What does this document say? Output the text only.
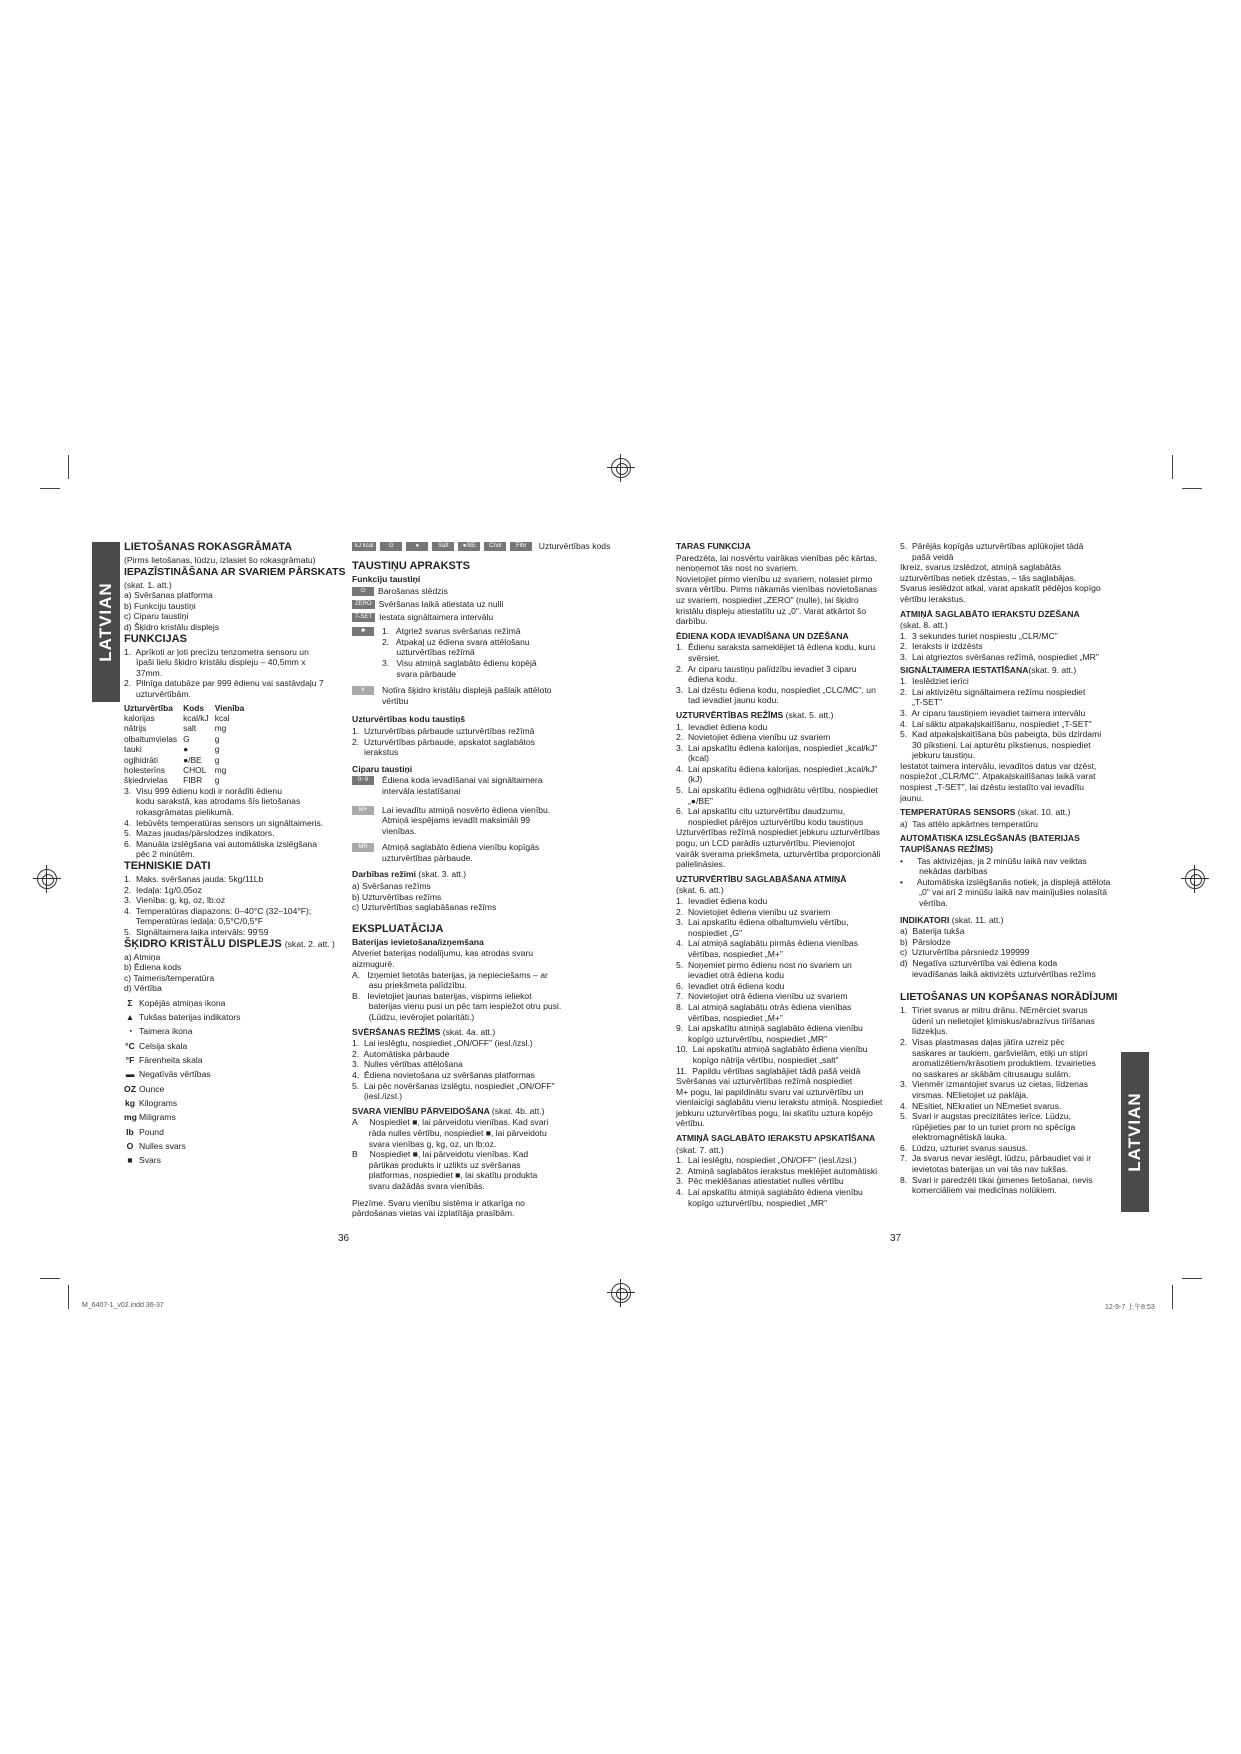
LATVIAN
LATVIAN
LIETOŠANAS ROKASGRĀMATA

(Pirms lietošanas, lūdzu, izlasiet šo rokasgrāmatu)

IEPAZĪSTINĀŠANA AR SVARIEM PĀRSKATS

(skat. 1. att.)

a) Svēršanas platforma

b) Funkciju taustiņi

c) Ciparu taustiņi

d) Šķidro kristālu displejs

FUNKCIJAS

1.  Aprīkoti ar ļoti precīzu tenzometra sensoru un

īpaši lielu šķidro kristālu displeju – 40,5mm x

37mm.

2.  Pilnīga datubāze par 999 ēdienu vai sastāvdaļu 7

uzturvērtībām.

Uzturvērtība	Kods	Vienība
kalorijas	kcal/kJ	kcal
nātrijs	salt	mg
olbaltumvielas	G	g
tauki	●	g
ogļhidrāti	●/BE	g
holesterīns	CHOL	mg
šķiedrvielas	FIBR	g

3.  Visu 999 ēdienu kodi ir norādīti ēdienu

kodu sarakstā, kas atrodams šīs lietošanas

rokasgrāmatas pielikumā.

4.  Iebūvēts temperatūras sensors un signāltaimeris.

5.  Mazas jaudas/pārslodzes indikators.

6.  Manuāla izslēgšana vai automātiska izslēgšana

pēc 2 minūtēm.

TEHNISKIE DATI

1.  Maks. svēršanas jauda: 5kg/11Lb

2.  Iedaļa: 1g/0,05oz

3.  Vienība: g, kg, oz, lb:oz

4.  Temperatūras diapazons: 0–40°C (32–104°F);

Temperatūras iedaļa: 0,5°C/0,5°F

5.  Signāltaimera laika intervāls: 99'59

ŠĶIDRO KRISTĀLU DISPLEJS (skat. 2. att. )

a) Atmiņa

b) Ēdiena kods

c) Taimeris/temperatūra

d) Vērtība

Σ Kopējās atmiņas ikona

▲ Tukšas baterijas indikators

◔ Taimera ikona

°C Celsija skala

°F Fārenheita skala

▬ Negatīvās vērtības

OZ Ounce

kg Kilograms

mg Miligrams

lb Pound

O Nulles svars

■ Svars

kJ kcal	G	●	Salt ●/BE Chol Fibr Uzturvērtības kods

TAUSTIŅU APRAKSTS
Funkciju taustiņi

⏻ Barošanas slēdzis

ZERO Svēršanas laikā atiestata uz nulli

T-SET Iestata signāltaimera intervālu

■	1.   Atgriež svarus svēršanas režīmā

2.   Atpakaļ uz ēdiena svara attēlošanu

uzturvērtības režīmā

3.   Visu atmiņā saglabāto ēdienu kopējā

svara pārbaude

±	Notīra šķidro kristālu displejā pašlaik attēloto

vērtību

Uzturvērtības kodu taustiņš

1.  Uzturvērtības pārbaude uzturvērtības režīmā

2.  Uzturvērtības pārbaude, apskatot saglabātos

ierakstus

Ciparu taustiņi
0~9	Ēdiena koda ievadīšanai vai signāltaimera

intervāla iestatīšanai

M+	Lai ievadītu atmiņā nosvērto ēdiena vienību.

Atmiņā iespējams ievadīt maksimāli 99

vienības.

MR	Atmiņā saglabāto ēdiena vienību kopīgās

uzturvērtības pārbaude.

Darbības režīmi (skat. 3. att.)

a) Svēršanas režīms

b) Uzturvērtības režīms

c) Uzturvērtības saglabāšanas režīms

EKSPLUATĀCIJA
Baterijas ievietošana/izņemšana

Atveriet baterijas nodalījumu, kas atrodas svaru

aizmugurē.

A.   Izņemiet lietotās baterijas, ja nepieciešams – ar

asu priekšmeta palīdzību.

B.   Ievietojiet jaunas baterijas, vispirms ieliekot

baterijas vienu pusi un pēc tam iespiežot otru pusi.

(Lūdzu, ievērojiet polaritāti.)

SVĒRŠANAS REŽĪMS (skat. 4a. att.)

1.  Lai ieslēgtu, nospiediet „ON/OFF" (iesl./izsl.)

2.  Automātiska pārbaude

3.  Nulles vērtības attēlošana

4.  Ēdiena novietošana uz svēršanas platformas

5.  Lai pēc novēršanas izslēgtu, nospiediet „ON/OFF"

(iesl./izsl.)

SVARA VIENĪBU PĀRVEIDOŠANA (skat. 4b. att.)

A     Nospiediet ■, lai pārveidotu vienības. Kad svari

rāda nulles vērtību, nospiediet ■, lai pārveidotu

svara vienības g, kg, oz, un lb:oz.

B     Nospiediet ■, lai pārveidotu vienības. Kad

pārtikas produkts ir uzlikts uz svēršanas

platformas, nospiediet ■, lai skatītu produkta

svaru dažādās svara vienībās.

Piezīme. Svaru vienību sistēma ir atkarīga no

pārdošanas vietas vai izplatītāja prasībām.

36	37
TARAS FUNKCIJA

Paredzēta, lai nosvērtu vairākas vienības pēc kārtas,

nenoņemot tās nost no svariem.

Novietojiet pirmo vienību uz svariem, nolasiet pirmo

svara vērtību. Pirms nākamās vienības novietošanas

uz svariem, nospiediet „ZERO" (nulle), lai šķidro

kristālu displeju atiestatītu uz „0". Varat atkārtot šo

darbību.

ĒDIENA KODA IEVADĪŠANA UN DZĒŠANA

1.  Ēdienu saraksta sameklējiet tā ēdiena kodu, kuru

svērsiet.

2.  Ar ciparu taustiņu palīdzību ievadiet 3 ciparu

ēdiena kodu.

3.  Lai dzēstu ēdiena kodu, nospiediet „CLC/MC", un

tad ievadiet jaunu kodu.

UZTURVĒRTĪBAS REŽĪMS (skat. 5. att.)

1.  Ievadiet ēdiena kodu

2.  Novietojiet ēdiena vienību uz svariem

3.  Lai apskatītu ēdiena kalorijas, nospiediet „kcal/kJ"

(kcal)

4.  Lai apskatītu ēdiena kalorijas, nospiediet „kcal/kJ"

(kJ)

5.  Lai apskatītu ēdiena ogļhidrātu vērtību, nospiediet

„●/BE"

6.  Lai apskatītu citu uzturvērtību daudzumu,

nospiediet pārējos uzturvērtību kodu taustiņus

Uzturvērtības režīmā nospiediet jebkuru uzturvērtības

pogu, un LCD parādīs uzturvērtību. Pievienojot

vairāk sverama priekšmeta, uzturvērtība proporcionāli

palielināsies.

UZTURVĒRTĪBU SAGLABĀŠANA ATMIŅĀ

(skat. 6. att.)

1.  Ievadiet ēdiena kodu

2.  Novietojiet ēdiena vienību uz svariem

3.  Lai apskatītu ēdiena olbaltumvielu vērtību,

nospiediet „G"

4.  Lai atmiņā saglabātu pirmās ēdiena vienības

vērtības, nospiediet „M+"

5.  Noņemiet pirmo ēdienu nost no svariem un

ievadiet otrā ēdiena kodu

6.  Ievadiet otrā ēdiena kodu

7.  Novietojiet otrā ēdiena vienību uz svariem

8.  Lai atmiņā saglabātu otrās ēdiena vienības

vērtības, nospiediet „M+"

9.  Lai apskatītu atmiņā saglabāto ēdiena vienību

kopīgo uzturvērtību, nospiediet „MR"

10.  Lai apskatītu atmiņā saglabāto ēdiena vienību

kopīgo nātrija vērtību, nospiediet „salt"

11.  Papildu vērtības saglabājiet tādā pašā veidā

Svēršanas vai uzturvērtības režīmā nospiediet

M+ pogu, lai papildinātu svaru vai uzturvērtību un

vienlaicīgi saglabātu vienu ierakstu atmiņā. Nospiediet

jebkuru uzturvērtības pogu, lai skatītu uztura kopējo

vērtību.

ATMIŅĀ SAGLABĀTO IERAKSTU APSKATĪŠANA

(skat. 7. att.)

1.  Lai ieslēgtu, nospiediet „ON/OFF" (iesl./izsl.)

2.  Atmiņā saglabātos ierakstus meklējiet automātiski

3.  Pēc meklēšanas atiestatiet nulles vērtību

4.  Lai apskatītu atmiņā saglabāto ēdiena vienību

kopīgo uzturvērtību, nospiediet „MR"

5.  Pārējās kopīgās uzturvērtības aplūkojiet tādā

pašā veidā

Ikreiz, svarus izslēdzot, atmiņā saglabātās

uzturvērtības netiek dzēstas, – tās saglabājas.

Svarus ieslēdzot atkal, varat apskatīt pēdējos kopīgo

vērtību ierakstus.

ATMIŅĀ SAGLABĀTO IERAKSTU DZĒŠANA

(skat. 8. att.)

1.  3 sekundes turiet nospiestu „CLR/MC"

2.  Ieraksts ir izdzēsts

3.  Lai atgrieztos svēršanas režīmā, nospiediet „MR"

SIGNĀLTAIMERA IESTATĪŠANA(skat. 9. att.)

1.  Ieslēdziet ierīci

2.  Lai aktivizētu signāltaimera režīmu nospiediet

„T-SET"

3.  Ar ciparu taustiņiem ievadiet taimera intervālu

4.  Lai sāktu atpakaļskaitīšanu, nospiediet „T-SET"

5.  Kad atpakaļskaitīšana būs pabeigta, būs dzirdami

30 pīkstieni. Lai apturētu pīkstienus, nospiediet

jebkuru taustiņu.

Iestatot taimera intervālu, ievadītos datus var dzēst,

nospiežot „CLR/MC". Atpakaļskaitīšanas laikā varat

nospiest „T-SET", lai dzēstu iestatīto vai ievadītu

jaunu.

TEMPERATŪRAS SENSORS (skat. 10. att.)

a)  Tas attēlo apkārtnes temperatūru

AUTOMĀTISKA IZSLĒGŠANĀS (BATERIJAS
TAUPĪŠANAS REŽĪMS)

•      Tas aktivizējas, ja 2 minūšu laikā nav veiktas

nekādas darbības

•      Automātiska izslēgšanās notiek, ja displejā attēlota

„0" vai arī 2 minūšu laikā nav mainījušies nolasītā

vērtība.

INDIKATORI (skat. 11. att.)

a)  Baterija tukša

b)  Pārslodze

c)  Uzturvērtība pārsniedz 199999

d)  Negatīva uzturvērtība vai ēdiena koda

ievadīšanas laikā aktivizēts uzturvērtības režīms

LIETOŠANAS UN KOPŠANAS NORĀDĪJUMI

1.  Tīriet svarus ar mitru drānu. NEmērciet svarus

ūdenī un nelietojiet ķīmiskus/abrazīvus tīrīšanas

līdzekļus.

2.  Visas plastmasas daļas jātīra uzreiz pēc

saskares ar taukiem, garšvielām, etiķi un stipri

aromatizētiem/krāsotiem produktiem. Izvairieties

no saskares ar skābām citrusaugu sulām.

3.  Vienmēr izmantojiet svarus uz cietas, līdzenas

virsmas. NElietojiet uz paklāja.

4.  NEsitiet, NEkratiet un NEmetiet svarus.

5.  Svari ir augstas precizitātes ierīce. Lūdzu,

rūpējieties par to un turiet prom no spēcīga

elektromagnētiskā lauka.

6.  Lūdzu, uzturiet svarus sausus.

7.  Ja svarus nevar ieslēgt, lūdzu, pārbaudiet vai ir

ievietotas baterijas un vai tās nav tukšas.

8.  Svari ir paredzēti tikai ģimenes lietošanai, nevis

komerciāliem vai medicīnas nolūkiem.

M_6407-1_v02.indd 36-37	12-9-7 上午8:53
